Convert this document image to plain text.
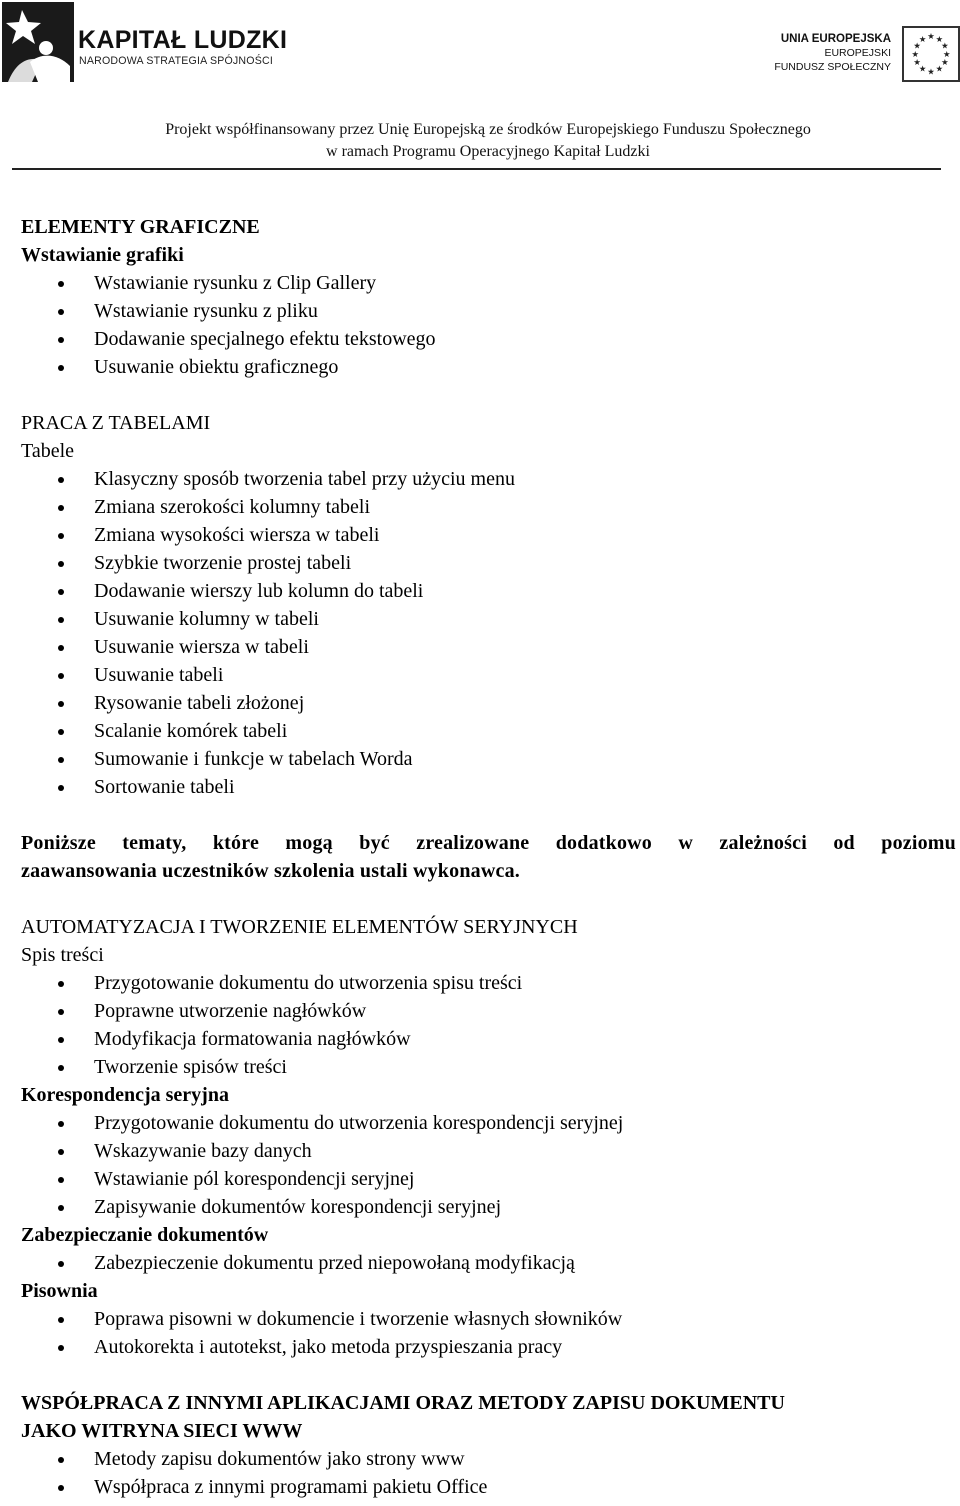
KAPITAŁ LUDZKI
NARODOWA STRATEGIA SPÓJNOŚCI
UNIA EUROPEJSKA
EUROPEJSKI
FUNDUSZ SPOŁECZNY
★ ★
★
★
★
★
★
★
★
★
★
★
Projekt współfinansowany przez Unię Europejską ze środków Europejskiego Funduszu Społecznego
w ramach Programu Operacyjnego Kapitał Ludzki

ELEMENTY GRAFICZNE

Wstawianie grafiki

Wstawianie rysunku z Clip Gallery
Wstawianie rysunku z pliku
Dodawanie specjalnego efektu tekstowego
Usuwanie obiektu graficznego

PRACA Z TABELAMI

Tabele

Klasyczny sposób tworzenia tabel przy użyciu menu
Zmiana szerokości kolumny tabeli
Zmiana wysokości wiersza w tabeli
Szybkie tworzenie prostej tabeli
Dodawanie wierszy lub kolumn do tabeli
Usuwanie kolumny w tabeli
Usuwanie wiersza w tabeli
Usuwanie tabeli
Rysowanie tabeli złożonej
Scalanie komórek tabeli
Sumowanie i funkcje w tabelach Worda
Sortowanie tabeli

Poniższe tematy, które mogą być zrealizowane dodatkowo w zależności od poziomu
zaawansowania uczestników szkolenia ustali wykonawca.

AUTOMATYZACJA I TWORZENIE ELEMENTÓW SERYJNYCH

Spis treści

Przygotowanie dokumentu do utworzenia spisu treści
Poprawne utworzenie nagłówków
Modyfikacja formatowania nagłówków
Tworzenie spisów treści

Korespondencja seryjna

Przygotowanie dokumentu do utworzenia korespondencji seryjnej
Wskazywanie bazy danych
Wstawianie pól korespondencji seryjnej
Zapisywanie dokumentów korespondencji seryjnej

Zabezpieczanie dokumentów

Zabezpieczenie dokumentu przed niepowołaną modyfikacją

Pisownia

Poprawa pisowni w dokumencie i tworzenie własnych słowników
Autokorekta i autotekst, jako metoda przyspieszania pracy

WSPÓŁPRACA Z INNYMI APLIKACJAMI ORAZ METODY ZAPISU DOKUMENTU

JAKO WITRYNA SIECI WWW

Metody zapisu dokumentów jako strony www
Współpraca z innymi programami pakietu Office
